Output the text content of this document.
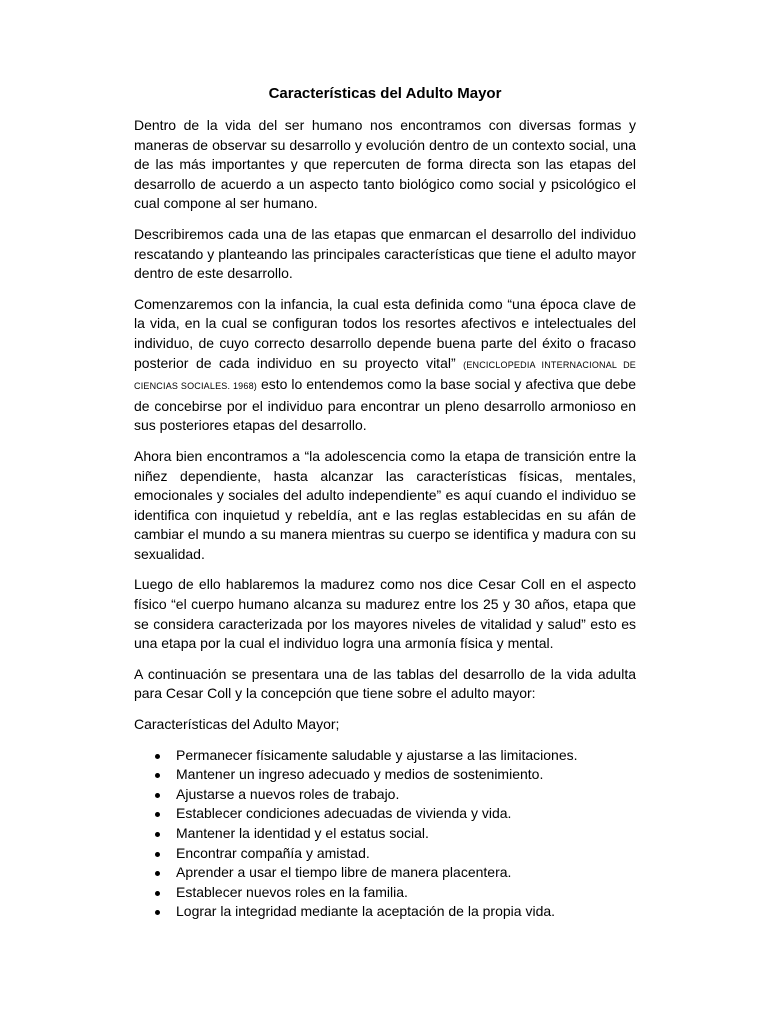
Características del Adulto Mayor

Dentro de la vida del ser humano nos encontramos con diversas formas y maneras de observar su desarrollo y evolución dentro de un contexto social, una de las más importantes y que repercuten de forma directa son las etapas del desarrollo de acuerdo a un aspecto tanto biológico como social y psicológico el cual compone al ser humano.

Describiremos cada una de las etapas que enmarcan el desarrollo del individuo rescatando y planteando las principales características que tiene el adulto mayor dentro de este desarrollo.

Comenzaremos con la infancia, la cual esta definida como “una época clave de la vida, en la cual se configuran todos los resortes afectivos e intelectuales del individuo, de cuyo correcto desarrollo depende buena parte del éxito o fracaso posterior de cada individuo en su proyecto vital” (ENCICLOPEDIA INTERNACIONAL DE CIENCIAS SOCIALES. 1968) esto lo entendemos como la base social y afectiva que debe de concebirse por el individuo para encontrar un pleno desarrollo armonioso en sus posteriores etapas del desarrollo.

Ahora bien encontramos a “la adolescencia como la etapa de transición entre la niñez dependiente, hasta alcanzar las características físicas, mentales, emocionales y sociales del adulto independiente” es aquí cuando el individuo se identifica con inquietud y rebeldía, ant e las reglas establecidas en su afán de cambiar el mundo a su manera mientras su cuerpo se identifica y madura con su sexualidad.

Luego de ello hablaremos la madurez como nos dice Cesar Coll en el aspecto físico “el cuerpo humano alcanza su madurez entre los 25 y 30 años, etapa que se considera caracterizada por los mayores niveles de vitalidad y salud” esto es una etapa por la cual el individuo logra una armonía física y mental.

A continuación se presentara una de las tablas del desarrollo de la vida adulta para Cesar Coll y la concepción que tiene sobre el adulto mayor:

Características del Adulto Mayor;

Permanecer físicamente saludable y ajustarse a las limitaciones.
Mantener un ingreso adecuado y medios de sostenimiento.
Ajustarse a nuevos roles de trabajo.
Establecer condiciones adecuadas de vivienda y vida.
Mantener la identidad y el estatus social.
Encontrar compañía y amistad.
Aprender a usar el tiempo libre de manera placentera.
Establecer nuevos roles en la familia.
Lograr la integridad mediante la aceptación de la propia vida.
